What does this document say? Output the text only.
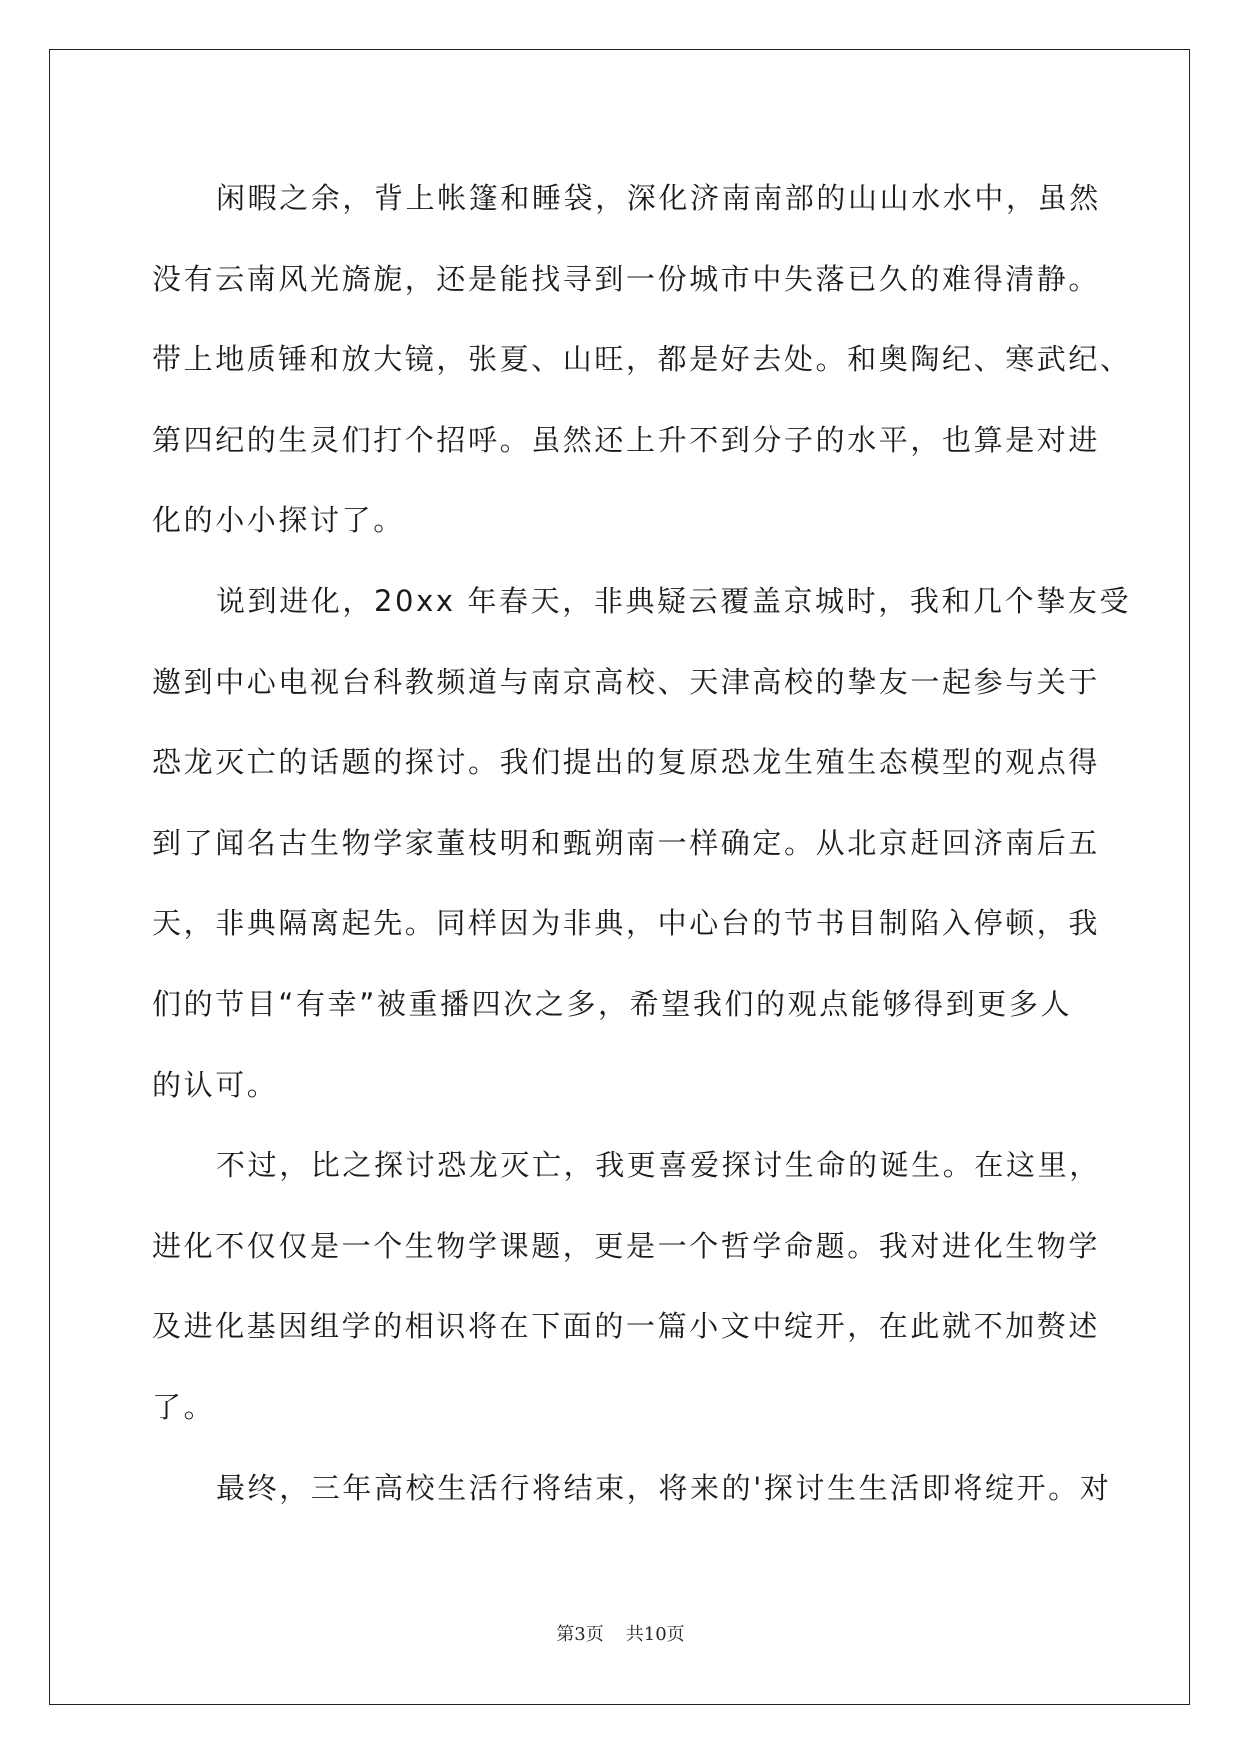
闲暇之余，背上帐篷和睡袋，深化济南南部的山山水水中，虽然
没有云南风光旖旎，还是能找寻到一份城市中失落已久的难得清静。
带上地质锤和放大镜，张夏、山旺，都是好去处。和奥陶纪、寒武纪、
第四纪的生灵们打个招呼。虽然还上升不到分子的水平，也算是对进
化的小小探讨了。

说到进化，20xx 年春天，非典疑云覆盖京城时，我和几个挚友受
邀到中心电视台科教频道与南京高校、天津高校的挚友一起参与关于
恐龙灭亡的话题的探讨。我们提出的复原恐龙生殖生态模型的观点得
到了闻名古生物学家董枝明和甄朔南一样确定。从北京赶回济南后五
天，非典隔离起先。同样因为非典，中心台的节书目制陷入停顿，我
们的节目“有幸”被重播四次之多，希望我们的观点能够得到更多人
的认可。

不过，比之探讨恐龙灭亡，我更喜爱探讨生命的诞生。在这里，
进化不仅仅是一个生物学课题，更是一个哲学命题。我对进化生物学
及进化基因组学的相识将在下面的一篇小文中绽开，在此就不加赘述
了。

最终，三年高校生活行将结束，将来的'探讨生生活即将绽开。对

第3页 共10页
